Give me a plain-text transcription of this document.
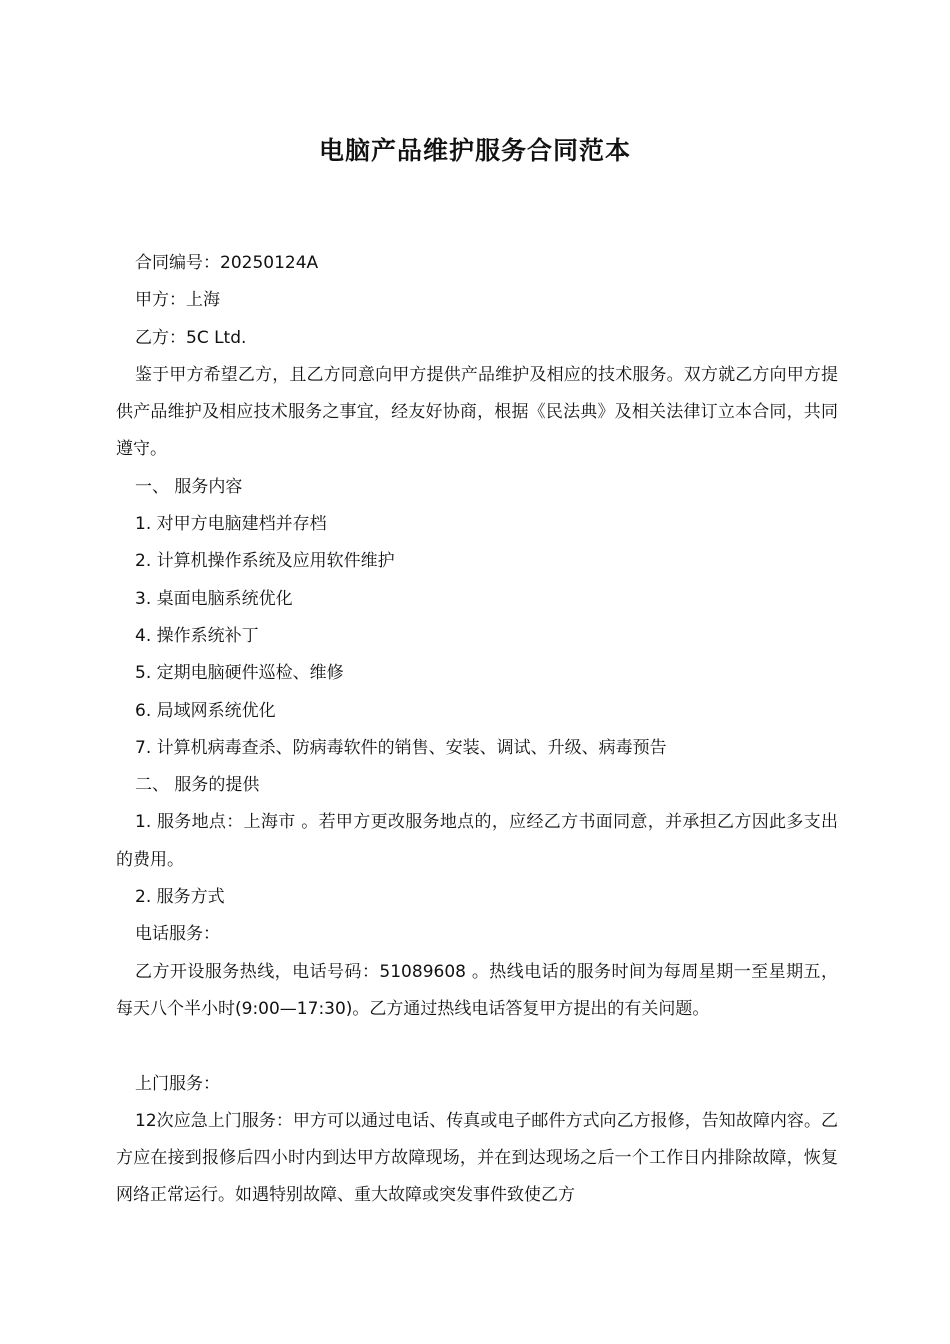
电脑产品维护服务合同范本

合同编号：20250124A

甲方：上海

乙方：5C Ltd.

鉴于甲方希望乙方，且乙方同意向甲方提供产品维护及相应的技术服务。双方就乙方向甲方提供产品维护及相应技术服务之事宜，经友好协商，根据《民法典》及相关法律订立本合同，共同遵守。

一、 服务内容

1. 对甲方电脑建档并存档

2. 计算机操作系统及应用软件维护

3. 桌面电脑系统优化

4. 操作系统补丁

5. 定期电脑硬件巡检、维修

6. 局域网系统优化

7. 计算机病毒查杀、防病毒软件的销售、安装、调试、升级、病毒预告

二、 服务的提供

1. 服务地点：上海市 。若甲方更改服务地点的，应经乙方书面同意，并承担乙方因此多支出的费用。

2. 服务方式

电话服务：

乙方开设服务热线，电话号码：51089608 。热线电话的服务时间为每周星期一至星期五，每天八个半小时(9:00—17:30)。乙方通过热线电话答复甲方提出的有关问题。

上门服务：

12次应急上门服务：甲方可以通过电话、传真或电子邮件方式向乙方报修，告知故障内容。乙方应在接到报修后四小时内到达甲方故障现场，并在到达现场之后一个工作日内排除故障，恢复网络正常运行。如遇特别故障、重大故障或突发事件致使乙方
